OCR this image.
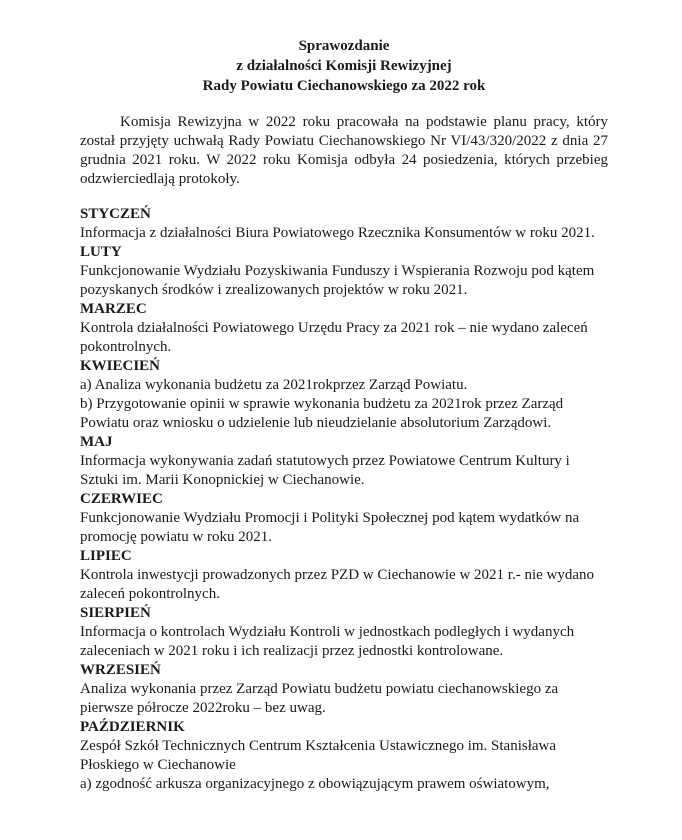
Sprawozdanie
z działalności Komisji Rewizyjnej
Rady Powiatu Ciechanowskiego za 2022 rok

Komisja Rewizyjna w 2022 roku pracowała na podstawie planu pracy, który został przyjęty uchwałą Rady Powiatu Ciechanowskiego Nr VI/43/320/2022 z dnia 27 grudnia 2021 roku. W 2022 roku Komisja odbyła 24 posiedzenia, których przebieg odzwierciedlają protokoły.

STYCZEŃ
Informacja z działalności Biura Powiatowego Rzecznika Konsumentów w roku 2021.
LUTY
Funkcjonowanie Wydziału Pozyskiwania Funduszy i Wspierania Rozwoju pod kątem pozyskanych środków i zrealizowanych projektów w roku 2021.
MARZEC
Kontrola działalności Powiatowego Urzędu Pracy za 2021 rok – nie wydano zaleceń pokontrolnych.
KWIECIEŃ
a) Analiza wykonania budżetu za 2021rokprzez Zarząd Powiatu.
b) Przygotowanie opinii w sprawie wykonania budżetu za 2021rok przez Zarząd Powiatu oraz wniosku o udzielenie lub nieudzielanie absolutorium Zarządowi.
MAJ
Informacja wykonywania zadań statutowych przez Powiatowe Centrum Kultury i Sztuki im. Marii Konopnickiej w Ciechanowie.
CZERWIEC
Funkcjonowanie Wydziału Promocji i Polityki Społecznej pod kątem wydatków na promocję powiatu w roku 2021.
LIPIEC
Kontrola inwestycji prowadzonych przez PZD w Ciechanowie w 2021 r.- nie wydano zaleceń pokontrolnych.
SIERPIEŃ
Informacja o kontrolach Wydziału Kontroli w jednostkach podległych i wydanych zaleceniach w 2021 roku i ich realizacji przez jednostki kontrolowane.
WRZESIEŃ
Analiza wykonania przez Zarząd Powiatu budżetu powiatu ciechanowskiego za pierwsze półrocze 2022roku – bez uwag.
PAŹDZIERNIK
Zespół Szkół Technicznych Centrum Kształcenia Ustawicznego im. Stanisława Płoskiego w Ciechanowie
a) zgodność arkusza organizacyjnego z obowiązującym prawem oświatowym,
